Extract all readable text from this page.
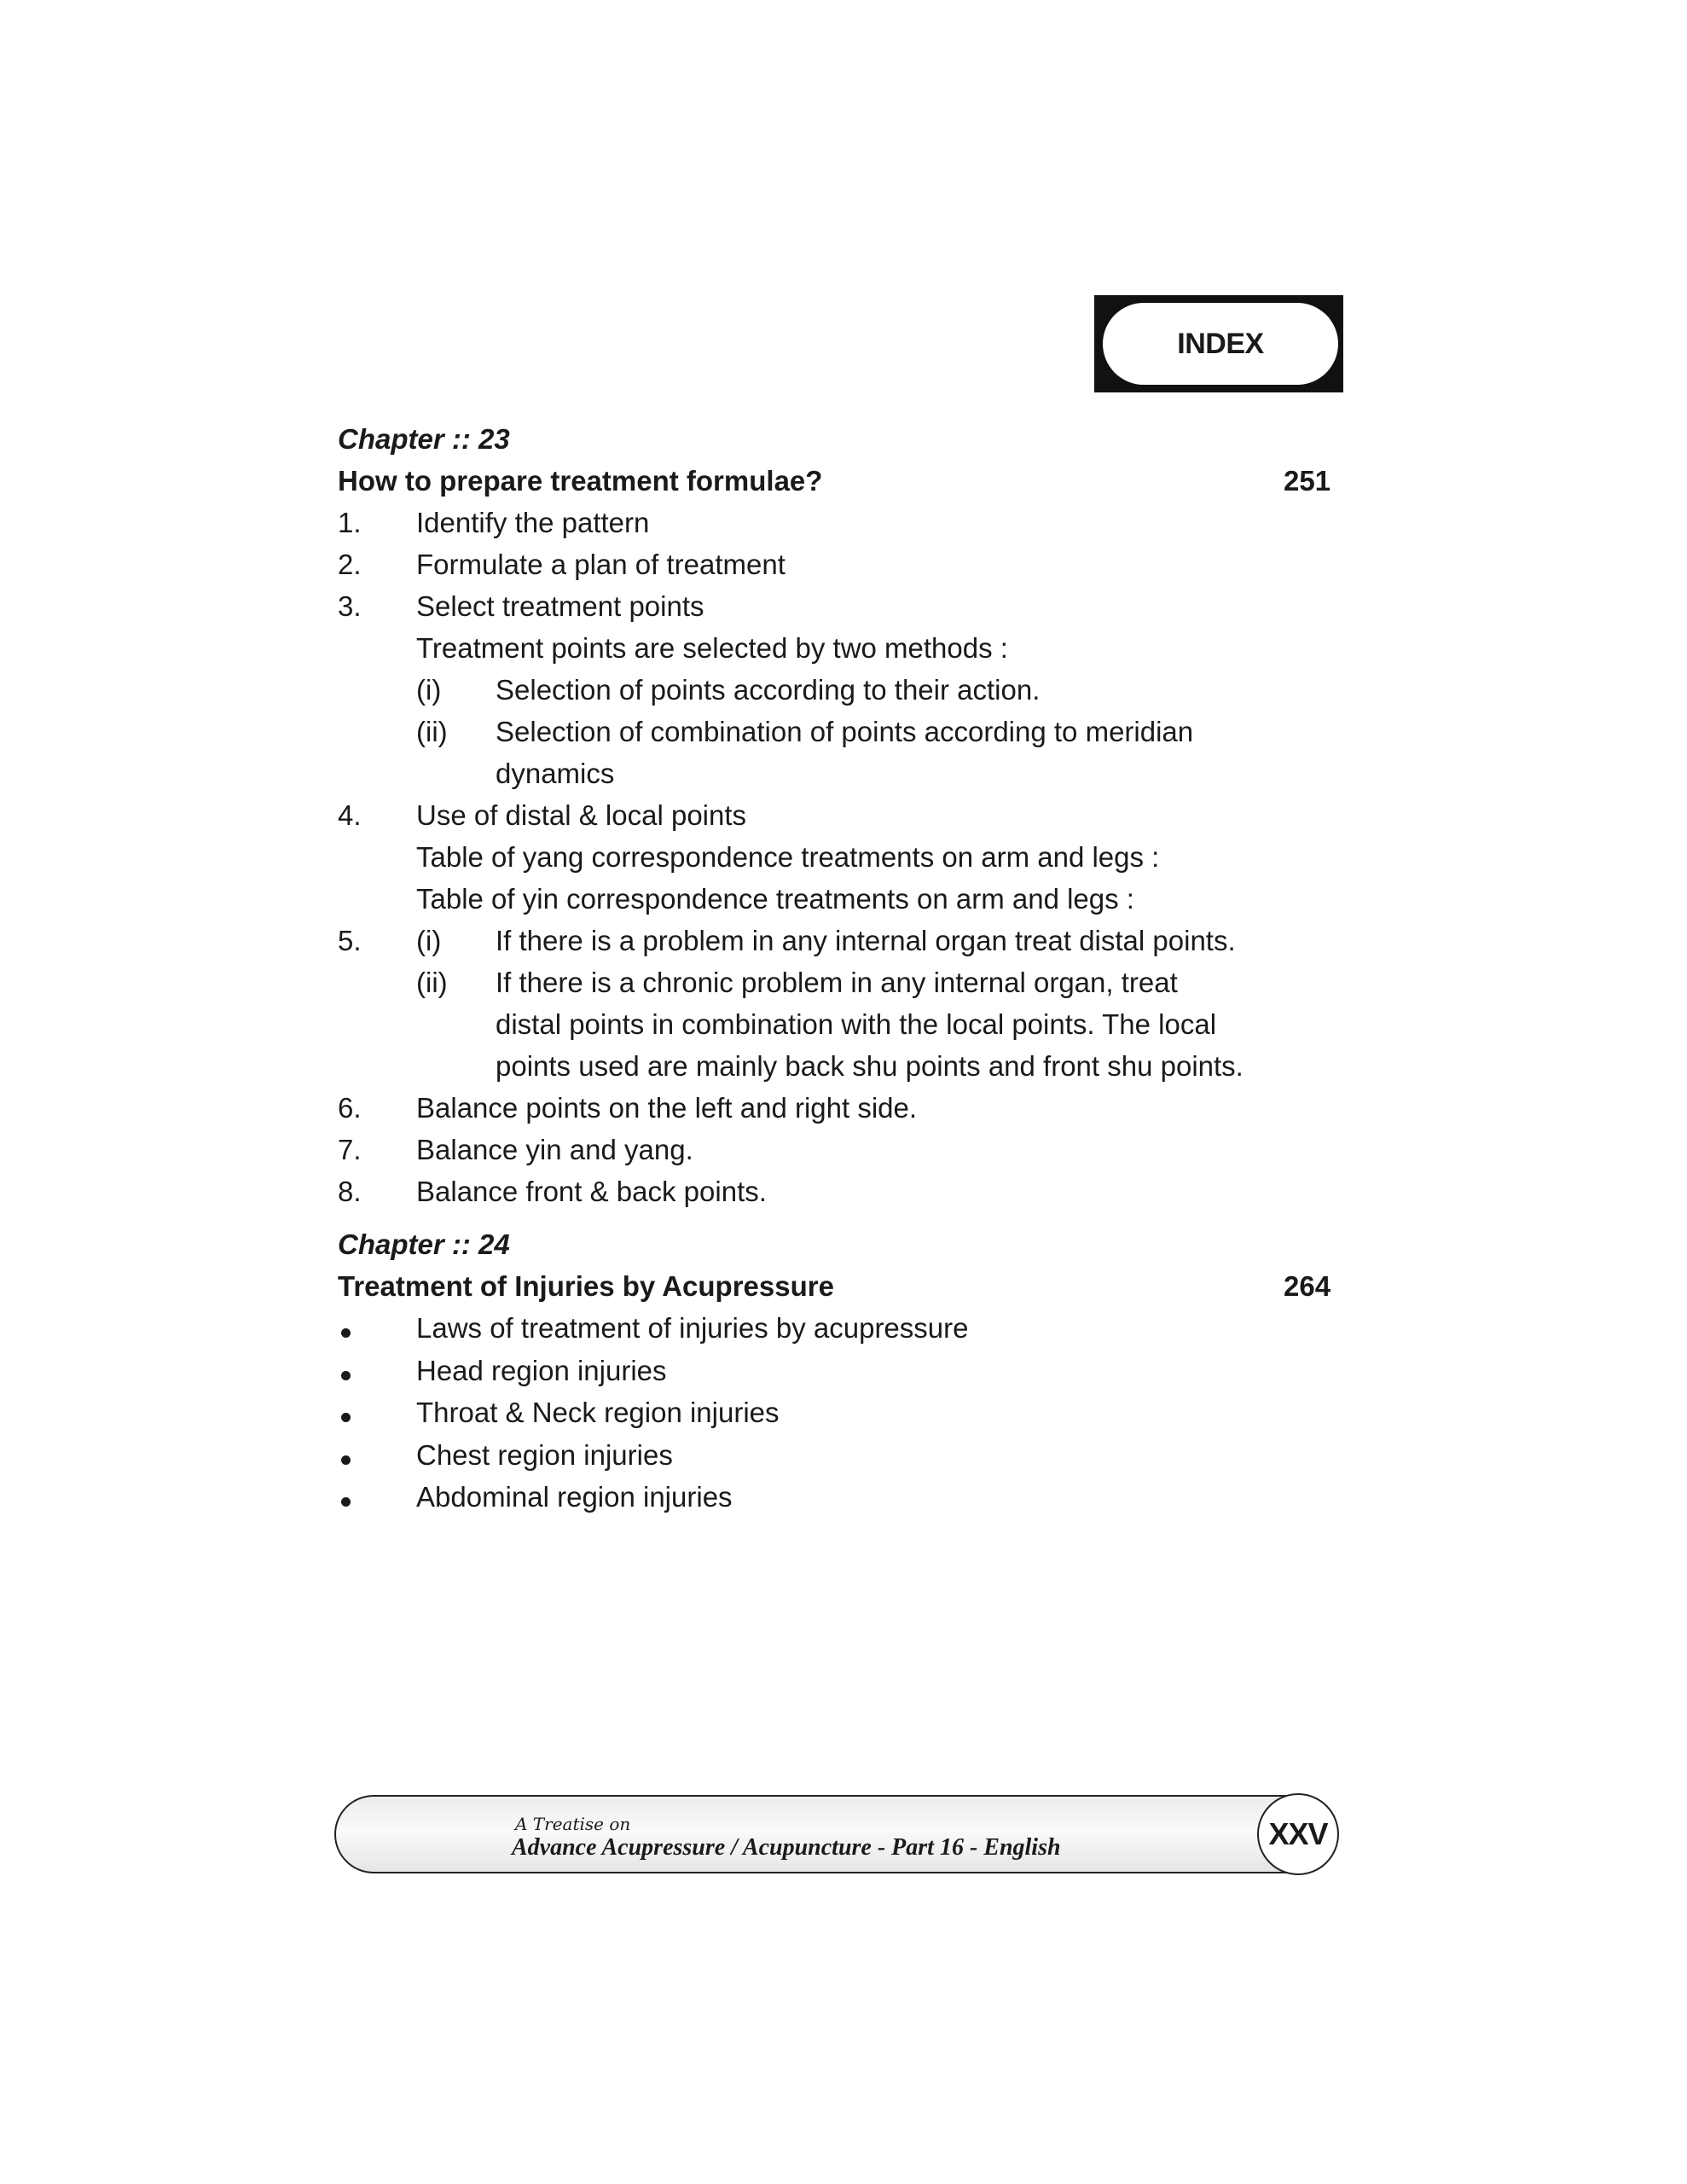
INDEX
Chapter :: 23
How to prepare treatment formulae?	251
1. Identify the pattern
2. Formulate a plan of treatment
3. Select treatment points
Treatment points are selected by two methods :
(i) Selection of points according to their action.
(ii) Selection of combination of points according to meridian
dynamics
4. Use of distal & local points
Table of yang correspondence treatments on arm and legs :
Table of yin correspondence treatments on arm and legs :
5. (i) If there is a problem in any internal organ treat distal points.
(ii) If there is a chronic problem in any internal organ, treat
distal points in combination with the local points. The local
points used are mainly back shu points and front shu points.
6. Balance points on the left and right side.
7. Balance yin and yang.
8. Balance front & back points.
Chapter :: 24
Treatment of Injuries by Acupressure	264
Laws of treatment of injuries by acupressure
Head region injuries
Throat & Neck region injuries
Chest region injuries
Abdominal region injuries
A Treatise on
Advance Acupressure / Acupuncture - Part 16 - English	XXV
